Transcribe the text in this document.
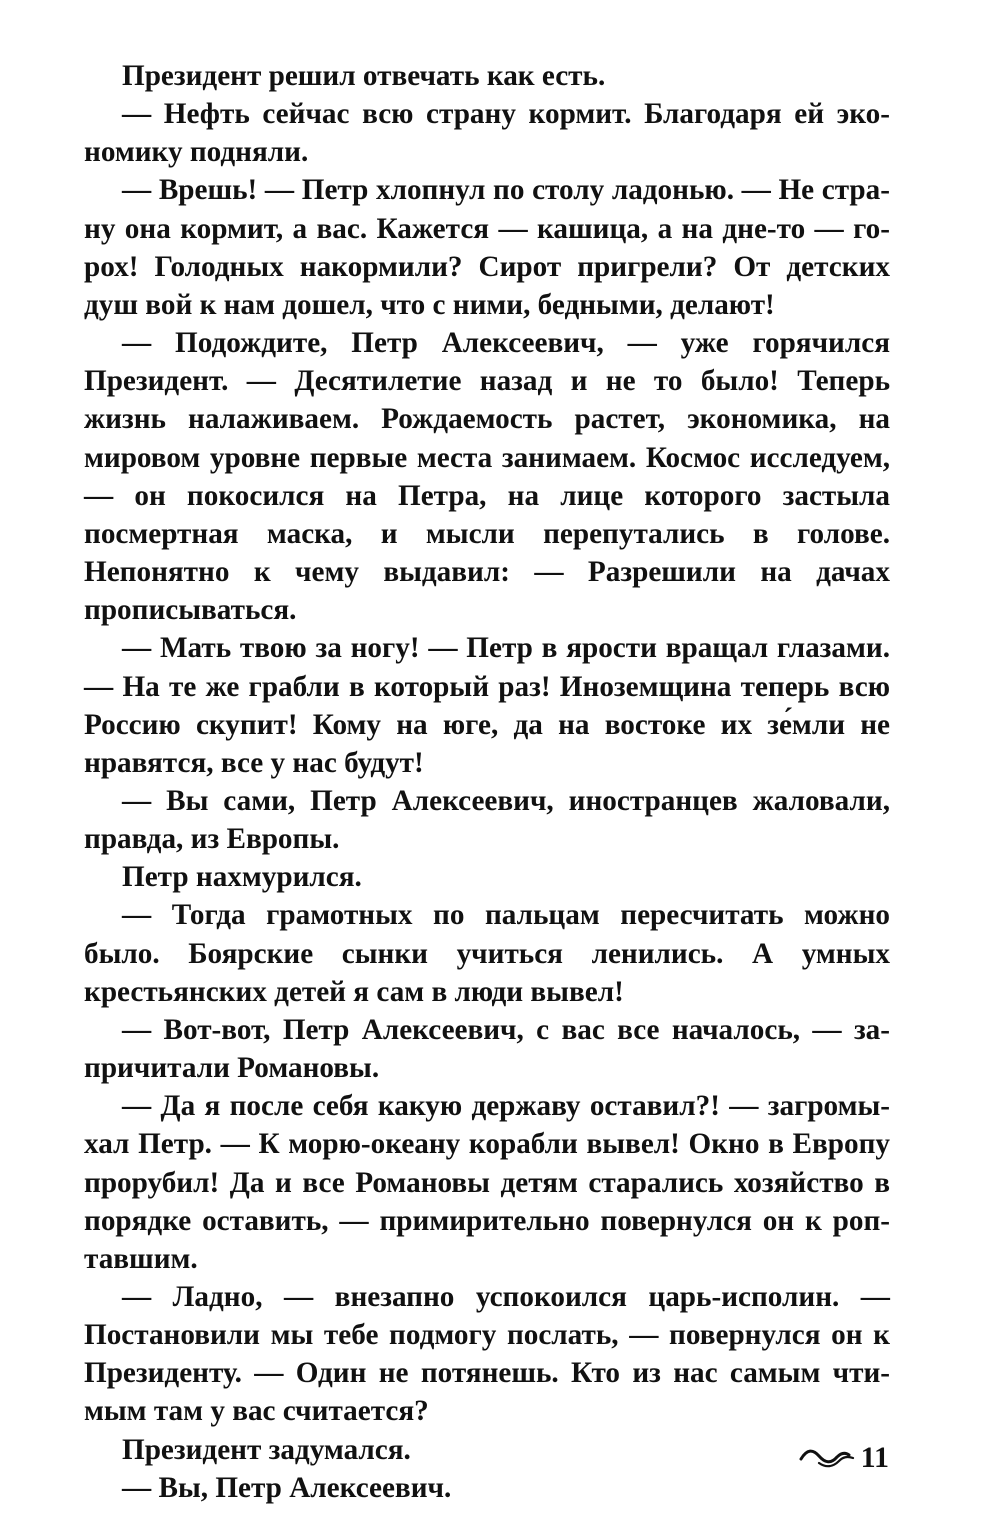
Президент решил отвечать как есть.

— Нефть сейчас всю страну кормит. Благодаря ей экономику подняли.

— Врешь! — Петр хлопнул по столу ладонью. — Не страну она кормит, а вас. Кажется — кашица, а на дне-то — горох! Голодных накормили? Сирот пригрели? От детских душ вой к нам дошел, что с ними, бедными, делают!

— Подождите, Петр Алексеевич, — уже горячился Президент. — Десятилетие назад и не то было! Теперь жизнь налаживаем. Рождаемость растет, экономика, на мировом уровне первые места занимаем. Космос исследуем, — он покосился на Петра, на лице которого застыла посмертная маска, и мысли перепутались в голове. Непонятно к чему выдавил: — Разрешили на дачах прописываться.

— Мать твою за ногу! — Петр в ярости вращал глазами. — На те же грабли в который раз! Иноземщина теперь всю Россию скупит! Кому на юге, да на востоке их зе́мли не нравятся, все у нас будут!

— Вы сами, Петр Алексеевич, иностранцев жаловали, правда, из Европы.

Петр нахмурился.

— Тогда грамотных по пальцам пересчитать можно было. Боярские сынки учиться ленились. А умных крестьянских детей я сам в люди вывел!

— Вот-вот, Петр Алексеевич, с вас все началось, — запричитали Романовы.

— Да я после себя какую державу оставил?! — загромыхал Петр. — К морю-океану корабли вывел! Окно в Европу прорубил! Да и все Романовы детям старались хозяйство в порядке оставить, — примирительно повернулся он к роптавшим.

— Ладно, — внезапно успокоился царь-исполин. — Постановили мы тебе подмогу послать, — повернулся он к Президенту. — Один не потянешь. Кто из нас самым чтимым там у вас считается?

Президент задумался.

— Вы, Петр Алексеевич.

11
